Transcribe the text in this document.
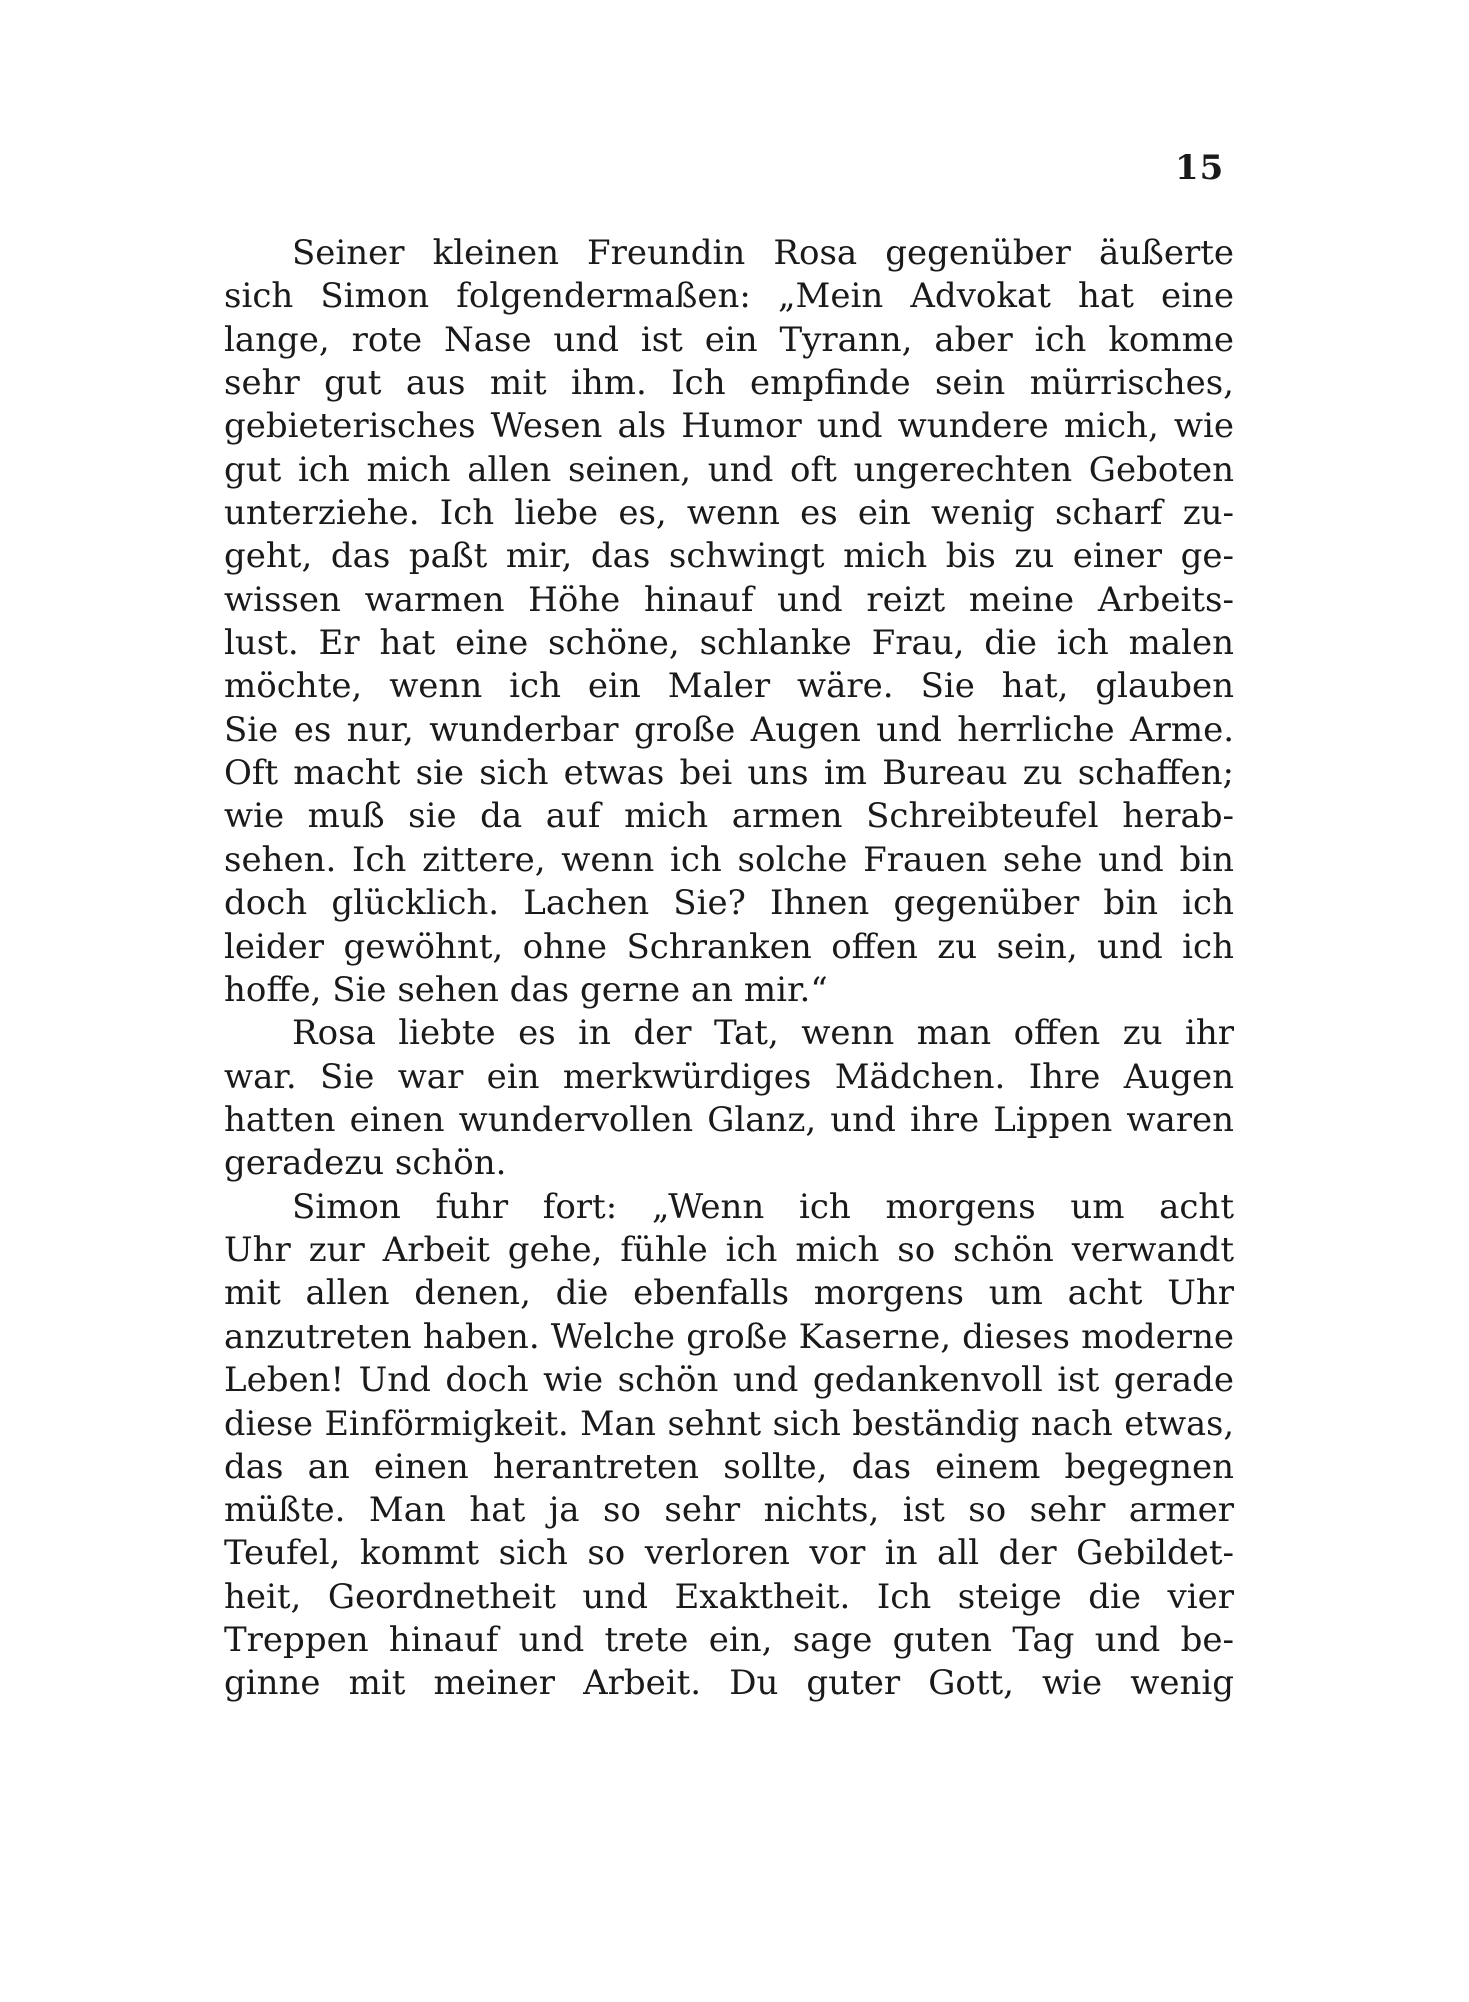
15
Seiner kleinen Freundin Rosa gegenüber äußerte
sich Simon folgendermaßen: „Mein Advokat hat eine
lange, rote Nase und ist ein Tyrann, aber ich komme
sehr gut aus mit ihm. Ich empfinde sein mürrisches,
gebieterisches Wesen als Humor und wundere mich, wie
gut ich mich allen seinen, und oft ungerechten Geboten
unterziehe. Ich liebe es, wenn es ein wenig scharf zu-
geht, das paßt mir, das schwingt mich bis zu einer ge-
wissen warmen Höhe hinauf und reizt meine Arbeits-
lust. Er hat eine schöne, schlanke Frau, die ich malen
möchte, wenn ich ein Maler wäre. Sie hat, glauben
Sie es nur, wunderbar große Augen und herrliche Arme.
Oft macht sie sich etwas bei uns im Bureau zu schaffen;
wie muß sie da auf mich armen Schreibteufel herab-
sehen. Ich zittere, wenn ich solche Frauen sehe und bin
doch glücklich. Lachen Sie? Ihnen gegenüber bin ich
leider gewöhnt, ohne Schranken offen zu sein, und ich
hoffe, Sie sehen das gerne an mir.“
Rosa liebte es in der Tat, wenn man offen zu ihr
war. Sie war ein merkwürdiges Mädchen. Ihre Augen
hatten einen wundervollen Glanz, und ihre Lippen waren
geradezu schön.
Simon fuhr fort: „Wenn ich morgens um acht
Uhr zur Arbeit gehe, fühle ich mich so schön verwandt
mit allen denen, die ebenfalls morgens um acht Uhr
anzutreten haben. Welche große Kaserne, dieses moderne
Leben! Und doch wie schön und gedankenvoll ist gerade
diese Einförmigkeit. Man sehnt sich beständig nach etwas,
das an einen herantreten sollte, das einem begegnen
müßte. Man hat ja so sehr nichts, ist so sehr armer
Teufel, kommt sich so verloren vor in all der Gebildet-
heit, Geordnetheit und Exaktheit. Ich steige die vier
Treppen hinauf und trete ein, sage guten Tag und be-
ginne mit meiner Arbeit. Du guter Gott, wie wenig
